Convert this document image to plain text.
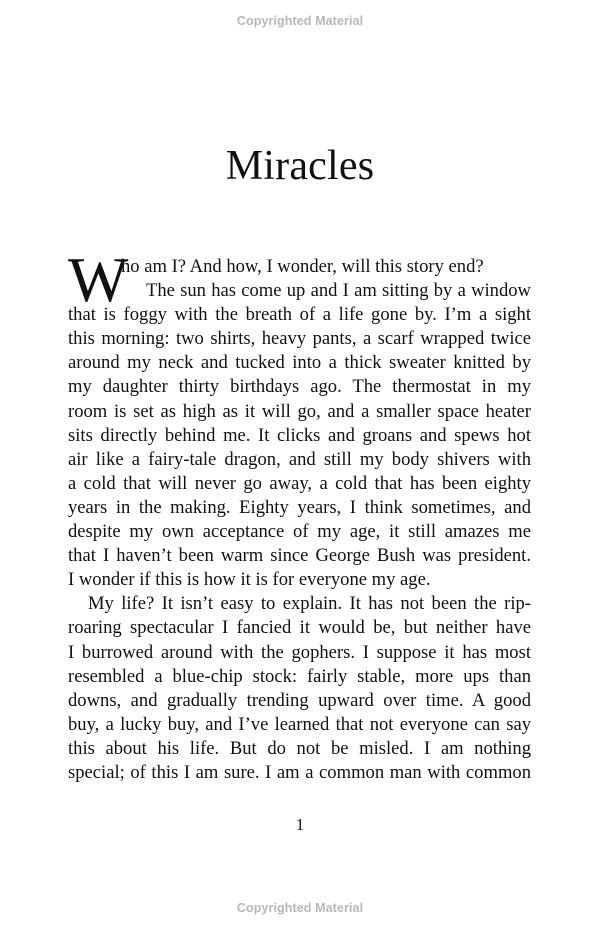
Copyrighted Material
Miracles
W
ho am I? And how, I wonder, will this story end?
The sun has come up and I am sitting by a window
that is foggy with the breath of a life gone by. I’m a sight
this morning: two shirts, heavy pants, a scarf wrapped twice
around my neck and tucked into a thick sweater knitted by
my daughter thirty birthdays ago. The thermostat in my
room is set as high as it will go, and a smaller space heater
sits directly behind me. It clicks and groans and spews hot
air like a fairy-tale dragon, and still my body shivers with
a cold that will never go away, a cold that has been eighty
years in the making. Eighty years, I think sometimes, and
despite my own acceptance of my age, it still amazes me
that I haven’t been warm since George Bush was president.
I wonder if this is how it is for everyone my age.
My life? It isn’t easy to explain. It has not been the rip-
roaring spectacular I fancied it would be, but neither have
I burrowed around with the gophers. I suppose it has most
resembled a blue-chip stock: fairly stable, more ups than
downs, and gradually trending upward over time. A good
buy, a lucky buy, and I’ve learned that not everyone can say
this about his life. But do not be misled. I am nothing
special; of this I am sure. I am a common man with common
1
Copyrighted Material
